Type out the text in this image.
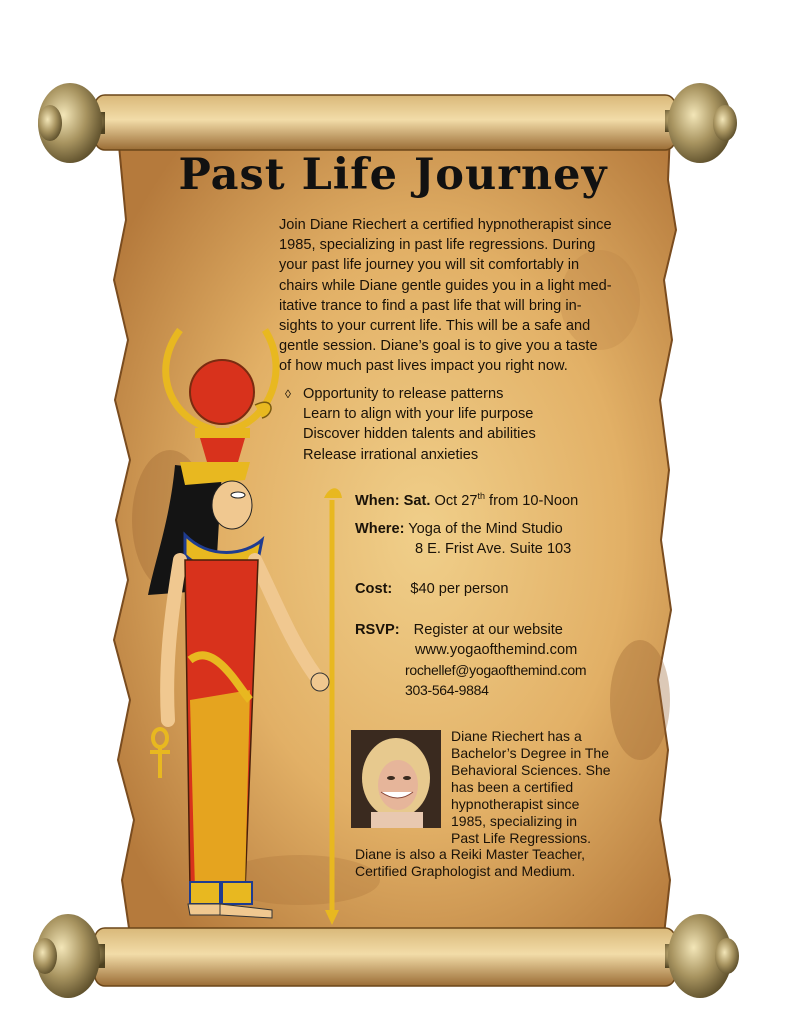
Past Life Journey

Join Diane Riechert a certified hypnotherapist since

1985, specializing in past life regressions. During

your past life journey you will sit comfortably in

chairs while Diane gentle guides you in a light med-

itative trance to find a past life that will bring in-

sights to your current life. This will be a safe and

gentle session. Diane’s goal is to give you a taste

of how much past lives impact you right now.

◊ Opportunity to release patterns
Learn to align with your life purpose
Discover hidden talents and abilities
Release irrational anxieties
When: Sat. Oct 27th from 10-Noon
Where: Yoga of the Mind Studio
8 E. Frist Ave. Suite 103
Cost: $40 per person
RSVP: Register at our website
www.yogaofthemind.com
rochellef@yogaofthemind.com
303-564-9884
Diane Riechert has a
Bachelor’s Degree in The
Behavioral Sciences. She
has been a certified
hypnotherapist since
1985, specializing in
Past Life Regressions.
Diane is also a Reiki Master Teacher,
Certified Graphologist and Medium.
